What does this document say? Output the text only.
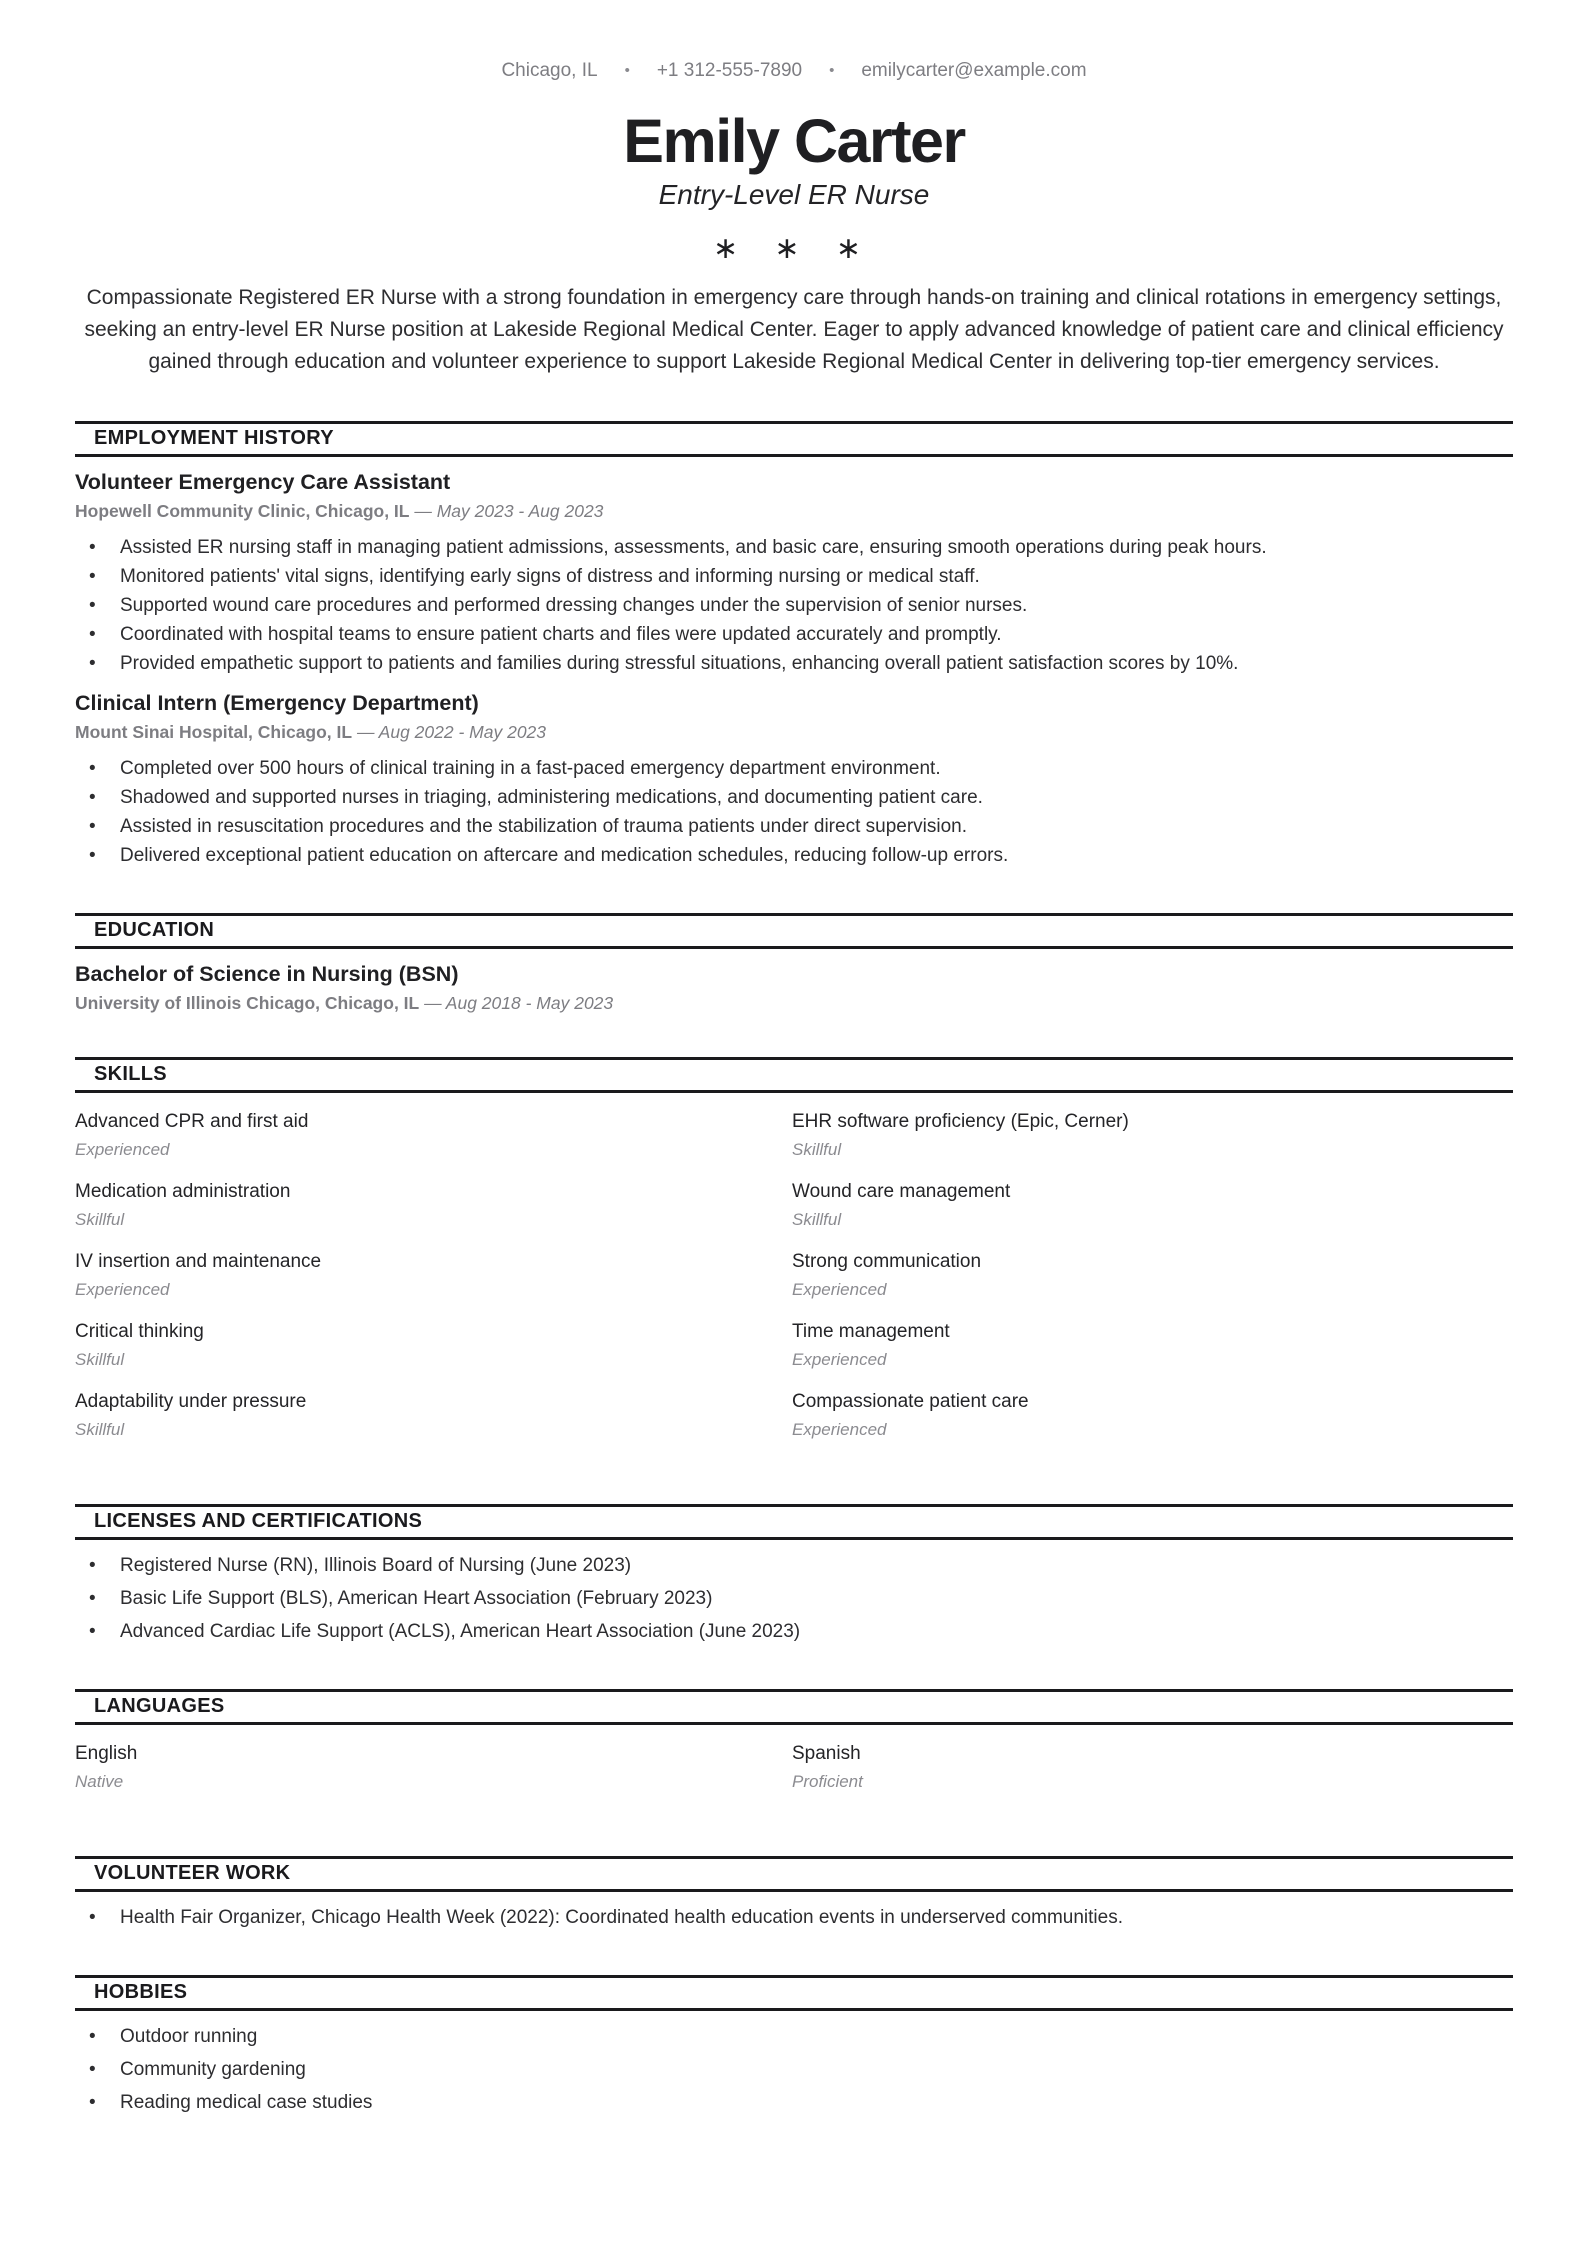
Chicago, IL • +1 312-555-7890 • emilycarter@example.com
Emily Carter
Entry-Level ER Nurse
∗ ∗ ∗

Compassionate Registered ER Nurse with a strong foundation in emergency care through hands-on training and clinical rotations in emergency settings, seeking an entry-level ER Nurse position at Lakeside Regional Medical Center. Eager to apply advanced knowledge of patient care and clinical efficiency gained through education and volunteer experience to support Lakeside Regional Medical Center in delivering top-tier emergency services.

EMPLOYMENT HISTORY
Volunteer Emergency Care Assistant
Hopewell Community Clinic, Chicago, IL — May 2023 - Aug 2023
• Assisted ER nursing staff in managing patient admissions, assessments, and basic care, ensuring smooth operations during peak hours.
• Monitored patients' vital signs, identifying early signs of distress and informing nursing or medical staff.
• Supported wound care procedures and performed dressing changes under the supervision of senior nurses.
• Coordinated with hospital teams to ensure patient charts and files were updated accurately and promptly.
• Provided empathetic support to patients and families during stressful situations, enhancing overall patient satisfaction scores by 10%.
Clinical Intern (Emergency Department)
Mount Sinai Hospital, Chicago, IL — Aug 2022 - May 2023
• Completed over 500 hours of clinical training in a fast-paced emergency department environment.
• Shadowed and supported nurses in triaging, administering medications, and documenting patient care.
• Assisted in resuscitation procedures and the stabilization of trauma patients under direct supervision.
• Delivered exceptional patient education on aftercare and medication schedules, reducing follow-up errors.
EDUCATION
Bachelor of Science in Nursing (BSN)
University of Illinois Chicago, Chicago, IL — Aug 2018 - May 2023
SKILLS
Advanced CPR and first aid
Experienced
EHR software proficiency (Epic, Cerner)
Skillful
Medication administration
Skillful
Wound care management
Skillful
IV insertion and maintenance
Experienced
Strong communication
Experienced
Critical thinking
Skillful
Time management
Experienced
Adaptability under pressure
Skillful
Compassionate patient care
Experienced
LICENSES AND CERTIFICATIONS
• Registered Nurse (RN), Illinois Board of Nursing (June 2023)
• Basic Life Support (BLS), American Heart Association (February 2023)
• Advanced Cardiac Life Support (ACLS), American Heart Association (June 2023)
LANGUAGES
English
Native
Spanish
Proficient
VOLUNTEER WORK
• Health Fair Organizer, Chicago Health Week (2022): Coordinated health education events in underserved communities.
HOBBIES
• Outdoor running
• Community gardening
• Reading medical case studies
